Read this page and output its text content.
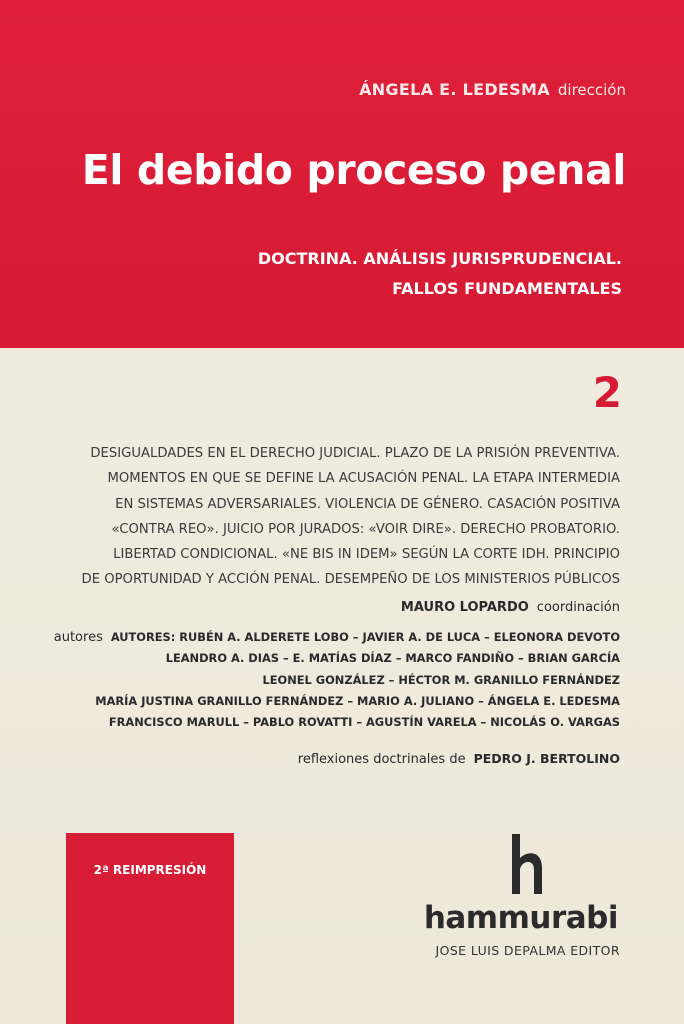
ÁNGELA E. LEDESMA dirección
El debido proceso penal
DOCTRINA. ANÁLISIS JURISPRUDENCIAL.
FALLOS FUNDAMENTALES
2
DESIGUALDADES EN EL DERECHO JUDICIAL. PLAZO DE LA PRISIÓN PREVENTIVA.
MOMENTOS EN QUE SE DEFINE LA ACUSACIÓN PENAL. LA ETAPA INTERMEDIA
EN SISTEMAS ADVERSARIALES. VIOLENCIA DE GÉNERO. CASACIÓN POSITIVA
«CONTRA REO». JUICIO POR JURADOS: «VOIR DIRE». DERECHO PROBATORIO.
LIBERTAD CONDICIONAL. «NE BIS IN IDEM» SEGÚN LA CORTE IDH. PRINCIPIO
DE OPORTUNIDAD Y ACCIÓN PENAL. DESEMPEÑO DE LOS MINISTERIOS PÚBLICOS
MAURO LOPARDO coordinación
autores AUTORES: RUBÉN A. ALDERETE LOBO – JAVIER A. DE LUCA – ELEONORA DEVOTO
LEANDRO A. DIAS – E. MATÍAS DÍAZ – MARCO FANDIÑO – BRIAN GARCÍA
LEONEL GONZÁLEZ – HÉCTOR M. GRANILLO FERNÁNDEZ
MARÍA JUSTINA GRANILLO FERNÁNDEZ – MARIO A. JULIANO – ÁNGELA E. LEDESMA
FRANCISCO MARULL – PABLO ROVATTI – AGUSTÍN VARELA – NICOLÁS O. VARGAS
reflexiones doctrinales de PEDRO J. BERTOLINO
2ª REIMPRESIÓN
hammurabi
JOSE LUIS DEPALMA EDITOR
